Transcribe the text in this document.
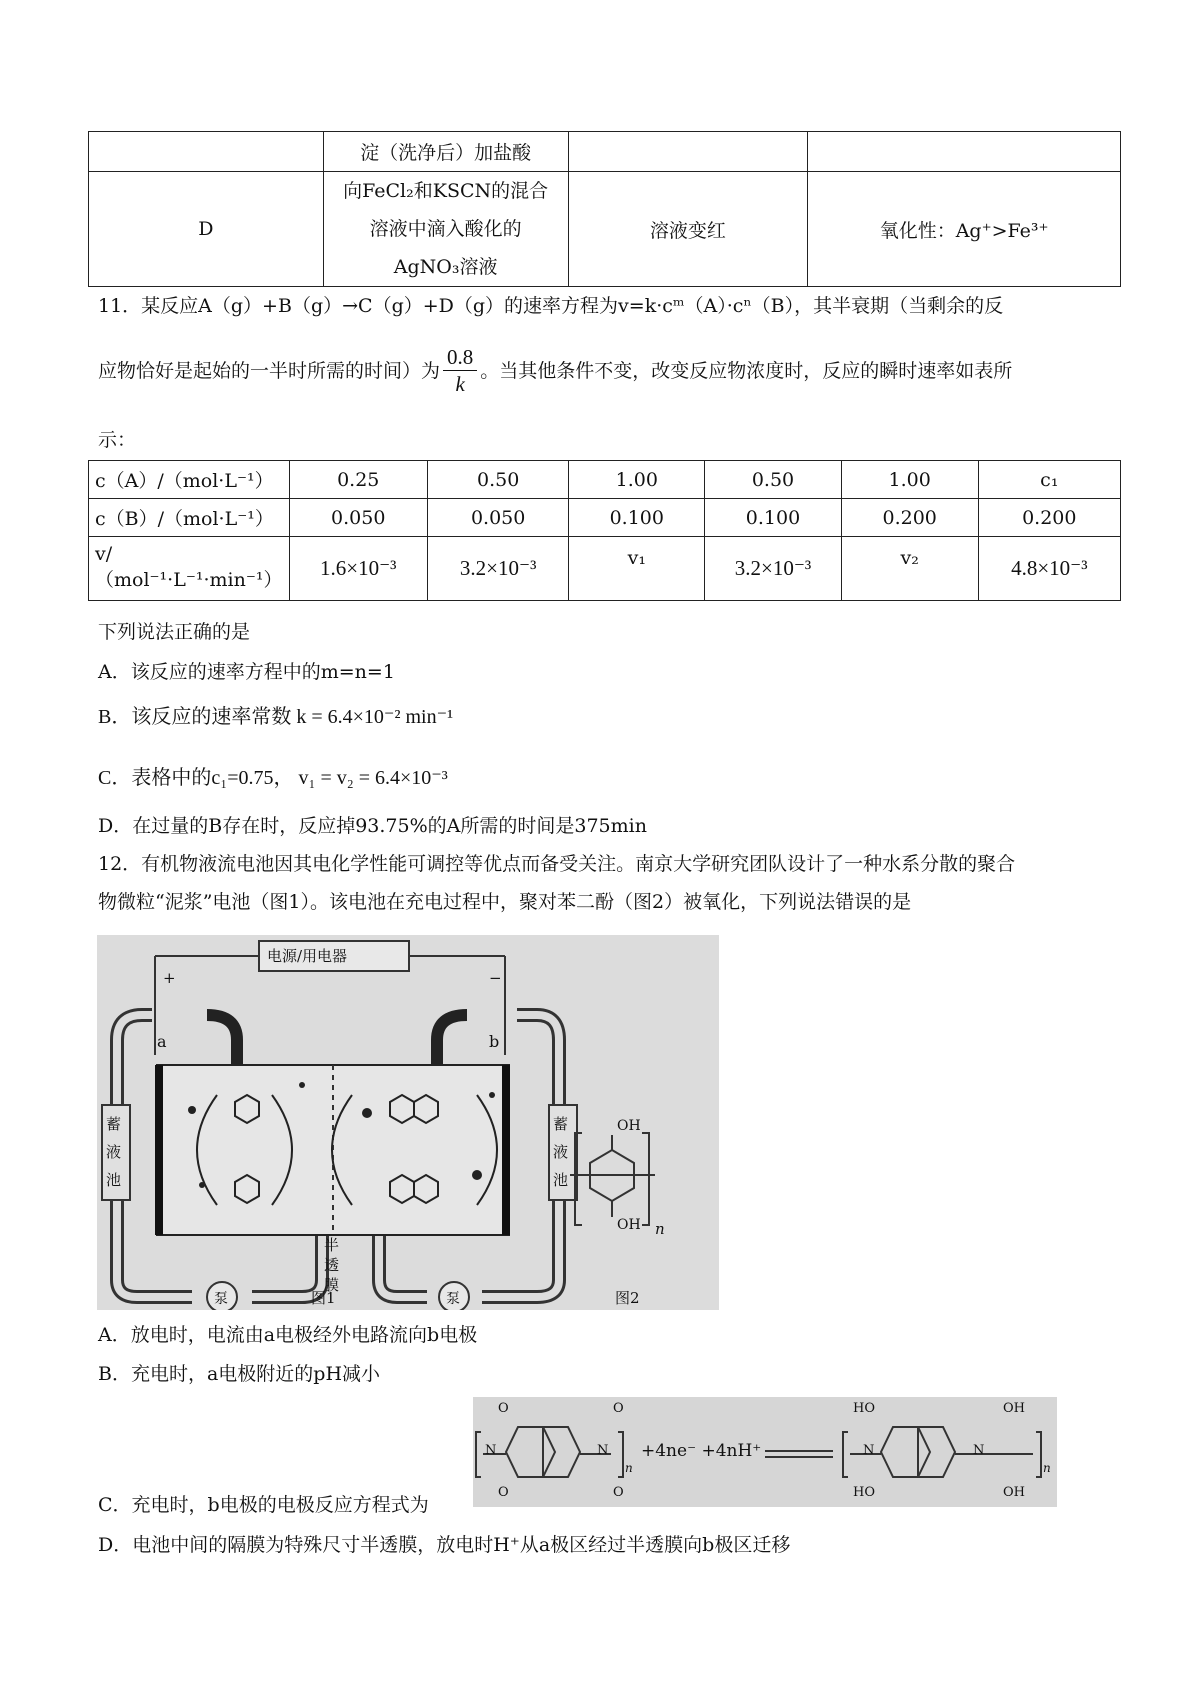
	淀（洗净后）加盐酸		
D	向FeCl₂和KSCN的混合
溶液中滴入酸化的
AgNO₃溶液	溶液变红	氧化性：Ag⁺>Fe³⁺
11．某反应A（g）+B（g）→C（g）+D（g）的速率方程为v=k·cᵐ（A）·cⁿ（B），其半衰期（当剩余的反
应物恰好是起始的一半时所需的时间）为 $\frac{0.8}{k}$ 。当其他条件不变，改变反应物浓度时，反应的瞬时速率如表所
示：
c（A）/（mol·L⁻¹）	0.25	0.50	1.00	0.50	1.00	c₁
c（B）/（mol·L⁻¹）	0.050	0.050	0.100	0.100	0.200	0.200
v/（mol⁻¹·L⁻¹·min⁻¹）	1.6×10⁻³	3.2×10⁻³	v₁	3.2×10⁻³	v₂	4.8×10⁻³
下列说法正确的是
A．该反应的速率方程中的m=n=1
B．该反应的速率常数 k = 6.4×10⁻² min⁻¹
C．表格中的c₁=0.75， v₁ = v₂ = 6.4×10⁻³
D．在过量的B存在时，反应掉93.75%的A所需的时间是375min
12．有机物液流电池因其电化学性能可调控等优点而备受关注。南京大学研究团队设计了一种水系分散的聚合
物微粒“泥浆”电池（图1）。该电池在充电过程中，聚对苯二酚（图2）被氧化，下列说法错误的是
电源/用电器
+	−
a	b
蓄液池
蓄液池
泵	泵
半透膜
图1	图2
OH
OH n
A．放电时，电流由a电极经外电路流向b电极
B．充电时，a电极附近的pH减小
n
+4ne⁻ +4nH⁺
n
O	O
O	O
HO	OH
HO	OH
N	N	N	N
C．充电时，b电极的电极反应方程式为
D．电池中间的隔膜为特殊尺寸半透膜，放电时H⁺从a极区经过半透膜向b极区迁移
